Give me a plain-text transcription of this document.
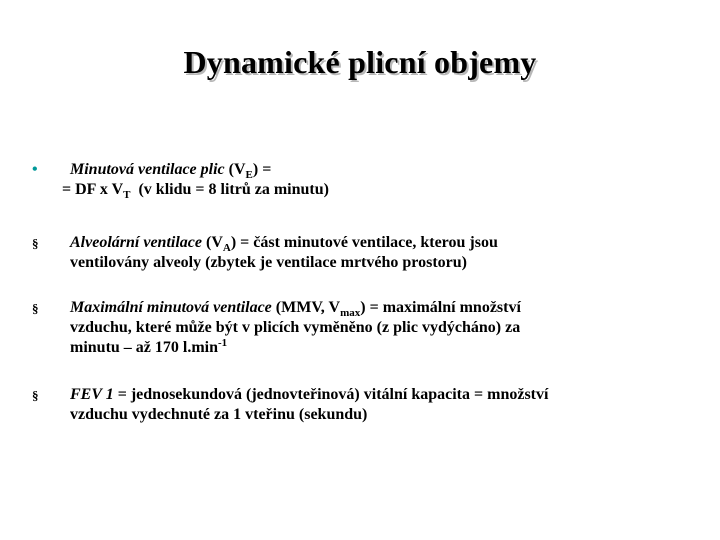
Dynamické plicní objemy
• Minutová ventilace plic $(V_E)$ =
= DF x $V_T$  (v klidu = 8 litrů za minutu)
§ Alveolární ventilace $(V_A)$ = část minutové ventilace, kterou jsou
ventilovány alveoly (zbytek je ventilace mrtvého prostoru)
§ Maximální minutová ventilace (MMV, $V_{max}$) = maximální množství
vzduchu, které může být v plicích vyměněno (z plic vydýcháno) za
minutu – až 170 $l.\min^{-1}$
§ FEV 1 = jednosekundová (jednovteřinová) vitální kapacita = množství
vzduchu vydechnuté za 1 vteřinu (sekundu)
